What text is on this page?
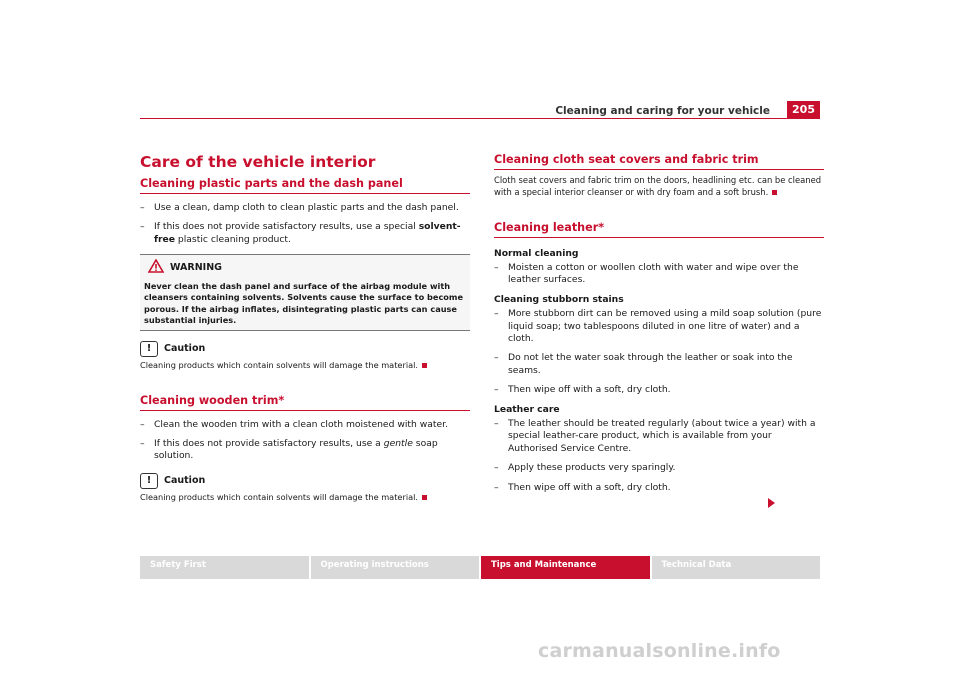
Cleaning and caring for your vehicle	205
Care of the vehicle interior
Cleaning plastic parts and the dash panel
– Use a clean, damp cloth to clean plastic parts and the dash panel.
– If this does not provide satisfactory results, use a special solvent-free plastic cleaning product.
WARNING
Never clean the dash panel and surface of the airbag module with cleansers containing solvents. Solvents cause the surface to become porous. If the airbag inflates, disintegrating plastic parts can cause substantial injuries.
!	Caution
Cleaning products which contain solvents will damage the material.
Cleaning wooden trim*
– Clean the wooden trim with a clean cloth moistened with water.
– If this does not provide satisfactory results, use a gentle soap solution.
!	Caution
Cleaning products which contain solvents will damage the material.
Cleaning cloth seat covers and fabric trim

Cloth seat covers and fabric trim on the doors, headlining etc. can be cleaned with a special interior cleanser or with dry foam and a soft brush.

Cleaning leather*
Normal cleaning
– Moisten a cotton or woollen cloth with water and wipe over the leather surfaces.
Cleaning stubborn stains
– More stubborn dirt can be removed using a mild soap solution (pure liquid soap; two tablespoons diluted in one litre of water) and a cloth.
– Do not let the water soak through the leather or soak into the seams.
– Then wipe off with a soft, dry cloth.
Leather care
– The leather should be treated regularly (about twice a year) with a special leather-care product, which is available from your Authorised Service Centre.
– Apply these products very sparingly.
– Then wipe off with a soft, dry cloth.
Safety First	Operating instructions	Tips and Maintenance	Technical Data
carmanualsonline.info
